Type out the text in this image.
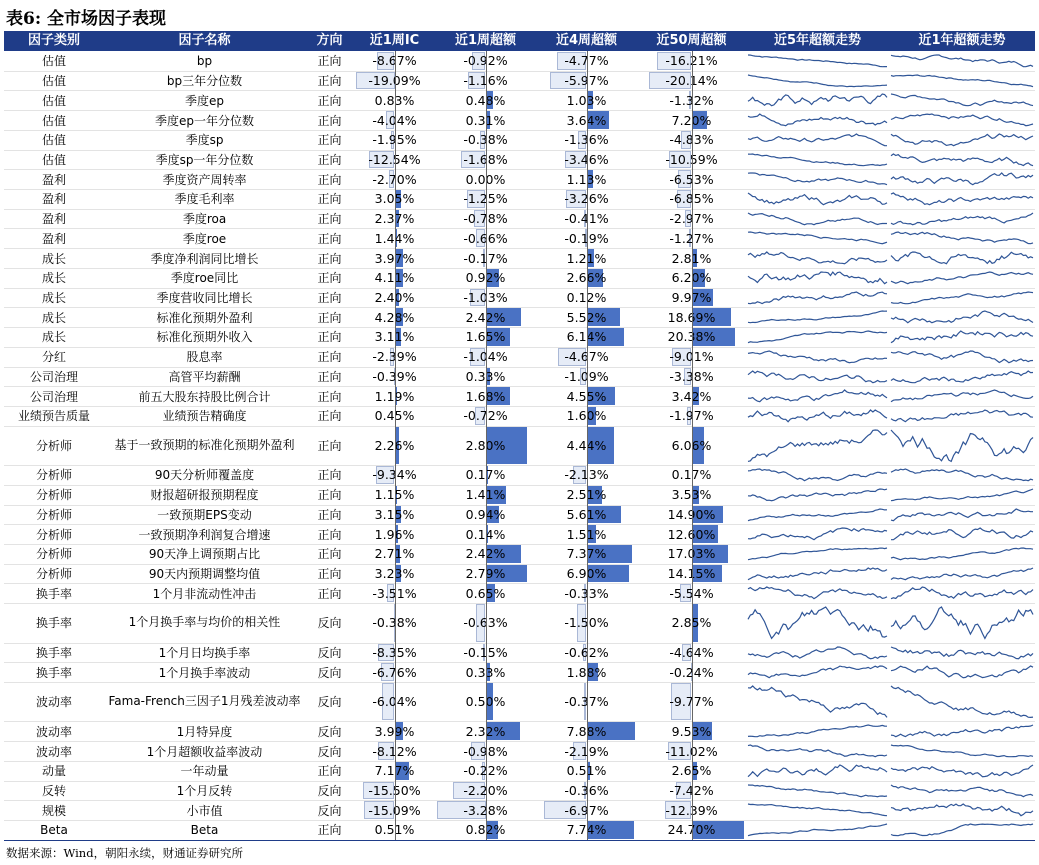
表6: 全市场因子表现
因子类别	因子名称	方向	近1周IC	近1周超额	近4周超额	近50周超额	近5年超额走势	近1年超额走势
估值	bp	正向	-8.67%	-0.92%	-4.77%	-16.21%
估值	bp三年分位数	正向	-19.09%	-1.16%	-5.97%	-20.14%
估值	季度ep	正向	0.83%	0.48%	1.03%	-1.32%
估值	季度ep一年分位数	正向	-4.04%	0.31%	3.64%	7.20%
估值	季度sp	正向	-1.95%	-0.38%	-1.36%	-4.83%
估值	季度sp一年分位数	正向	-12.54%	-1.68%	-3.46%	-10.59%
盈利	季度资产周转率	正向	-2.70%	0.00%	1.13%	-6.53%
盈利	季度毛利率	正向	3.05%	-1.25%	-3.26%	-6.85%
盈利	季度roa	正向	2.37%	-0.78%	-0.41%	-2.97%
盈利	季度roe	正向	1.44%	-0.66%	-0.19%	-1.27%
成长	季度净利润同比增长	正向	3.97%	-0.17%	1.21%	2.81%
成长	季度roe同比	正向	4.11%	0.92%	2.66%	6.20%
成长	季度营收同比增长	正向	2.40%	-1.03%	0.12%	9.97%
成长	标准化预期外盈利	正向	4.28%	2.42%	5.52%	18.69%
成长	标准化预期外收入	正向	3.11%	1.65%	6.14%	20.38%
分红	股息率	正向	-2.39%	-1.04%	-4.67%	-9.01%
公司治理	高管平均薪酬	正向	-0.39%	0.33%	-1.09%	-3.38%
公司治理	前五大股东持股比例合计	正向	1.19%	1.68%	4.55%	3.42%
业绩预告质量	业绩预告精确度	正向	0.45%	-0.72%	1.60%	-1.97%
分析师	基于一致预期的标准化预期外盈利	正向	2.26%	2.80%	4.44%	6.06%
分析师	90天分析师覆盖度	正向	-9.34%	0.17%	-2.13%	0.17%
分析师	财报超研报预期程度	正向	1.15%	1.41%	2.51%	3.53%
分析师	一致预期EPS变动	正向	3.15%	0.94%	5.61%	14.90%
分析师	一致预期净利润复合增速	正向	1.96%	0.14%	1.51%	12.60%
分析师	90天净上调预期占比	正向	2.71%	2.42%	7.37%	17.03%
分析师	90天内预期调整均值	正向	3.23%	2.79%	6.90%	14.15%
换手率	1个月非流动性冲击	正向	-3.51%	0.65%	-0.33%	-5.54%
换手率	1个月换手率与均价的相关性	反向	-0.38%	-0.63%	-1.50%	2.85%
换手率	1个月日均换手率	反向	-8.35%	-0.15%	-0.62%	-4.64%
换手率	1个月换手率波动	反向	-6.76%	0.33%	1.88%	-0.24%
波动率	Fama-French三因子1月残差波动率	反向	-6.04%	0.50%	-0.37%	-9.77%
波动率	1月特异度	反向	3.99%	2.32%	7.88%	9.53%
波动率	1个月超额收益率波动	反向	-8.12%	-0.98%	-2.19%	-11.02%
动量	一年动量	正向	7.17%	-0.22%	0.51%	2.65%
反转	1个月反转	反向	-15.50%	-2.20%	-0.36%	-7.42%
规模	小市值	反向	-15.09%	-3.28%	-6.97%	-12.39%
Beta	Beta	正向	0.51%	0.82%	7.74%	24.70%
数据来源：Wind，朝阳永续，财通证券研究所
